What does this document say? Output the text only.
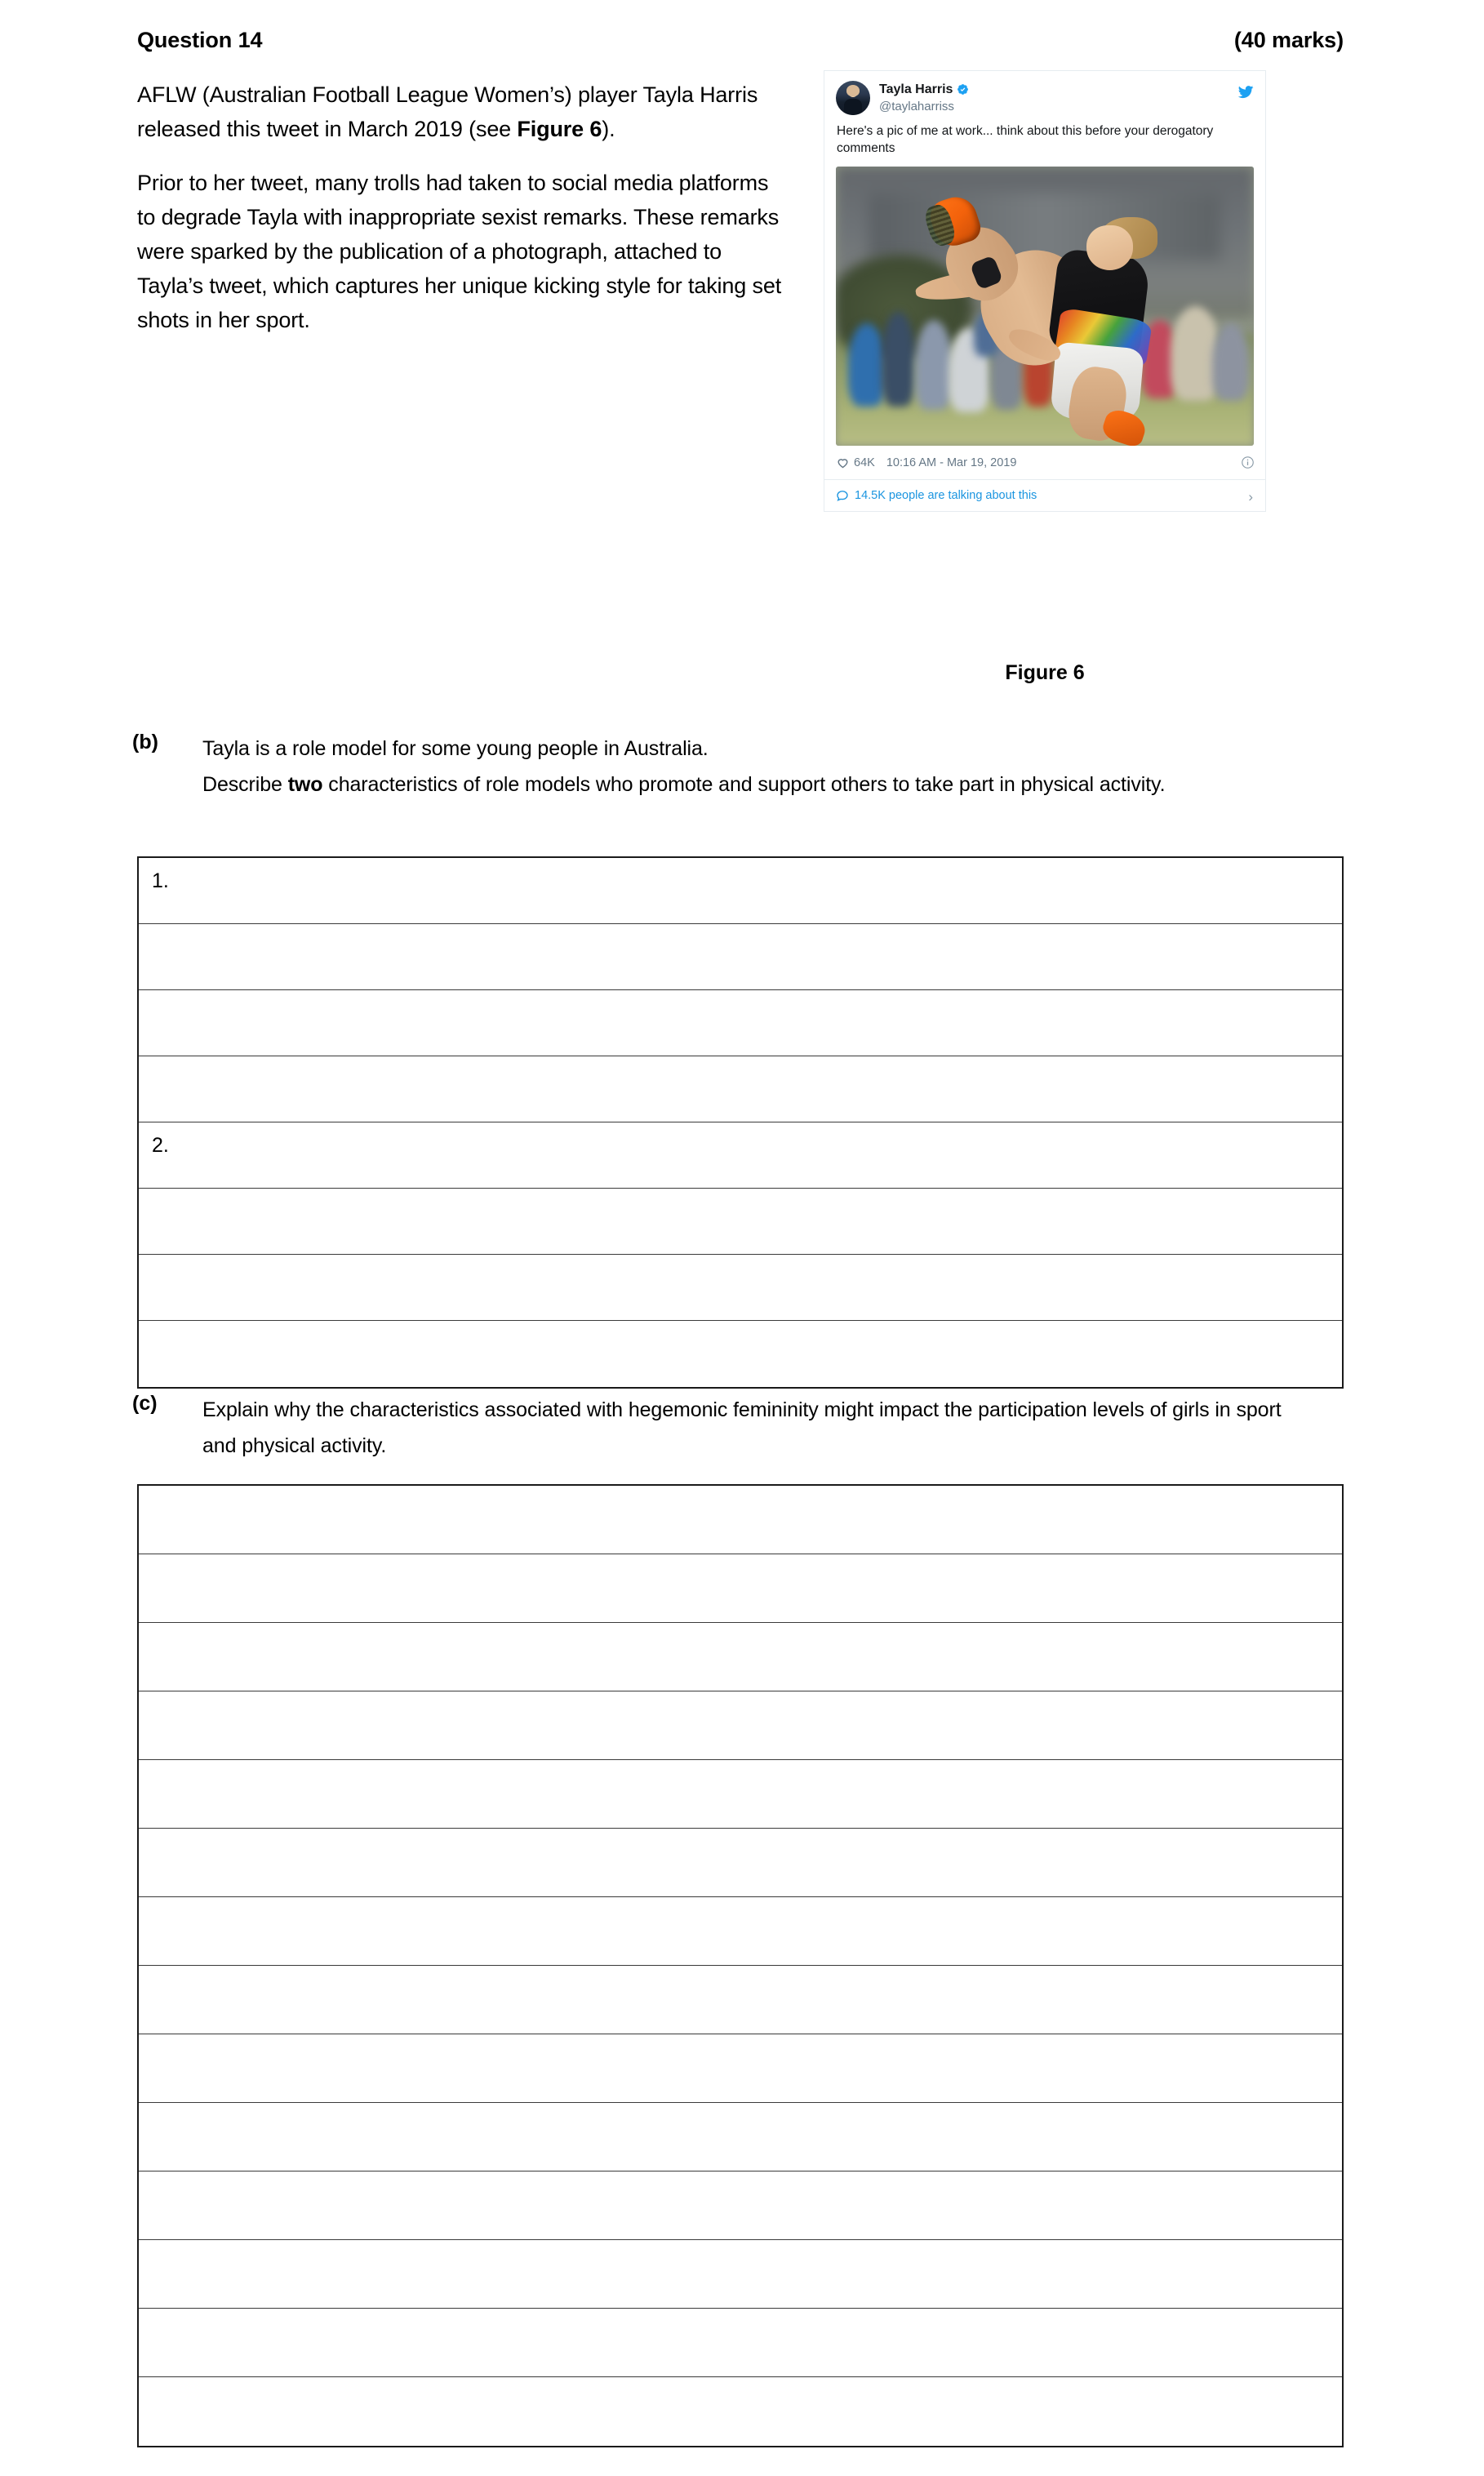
Question 14	(40 marks)

AFLW (Australian Football League Women’s) player Tayla Harris released this tweet in March 2019 (see Figure 6).

Prior to her tweet, many trolls had taken to social media platforms to degrade Tayla with inappropriate sexist remarks. These remarks were sparked by the publication of a photograph, attached to Tayla’s tweet, which captures her unique kicking style for taking set shots in her sport.

Tayla Harris
@taylaharriss
Here's a pic of me at work... think about this before your derogatory comments
64K 10:16 AM - Mar 19, 2019
14.5K people are talking about this	›
Figure 6
(b)	Tayla is a role model for some young people in Australia.
Describe two characteristics of role models who promote and support others to take part in physical activity.
1.
2.
(c)	Explain why the characteristics associated with hegemonic femininity might impact the participation levels of girls in sport and physical activity.
